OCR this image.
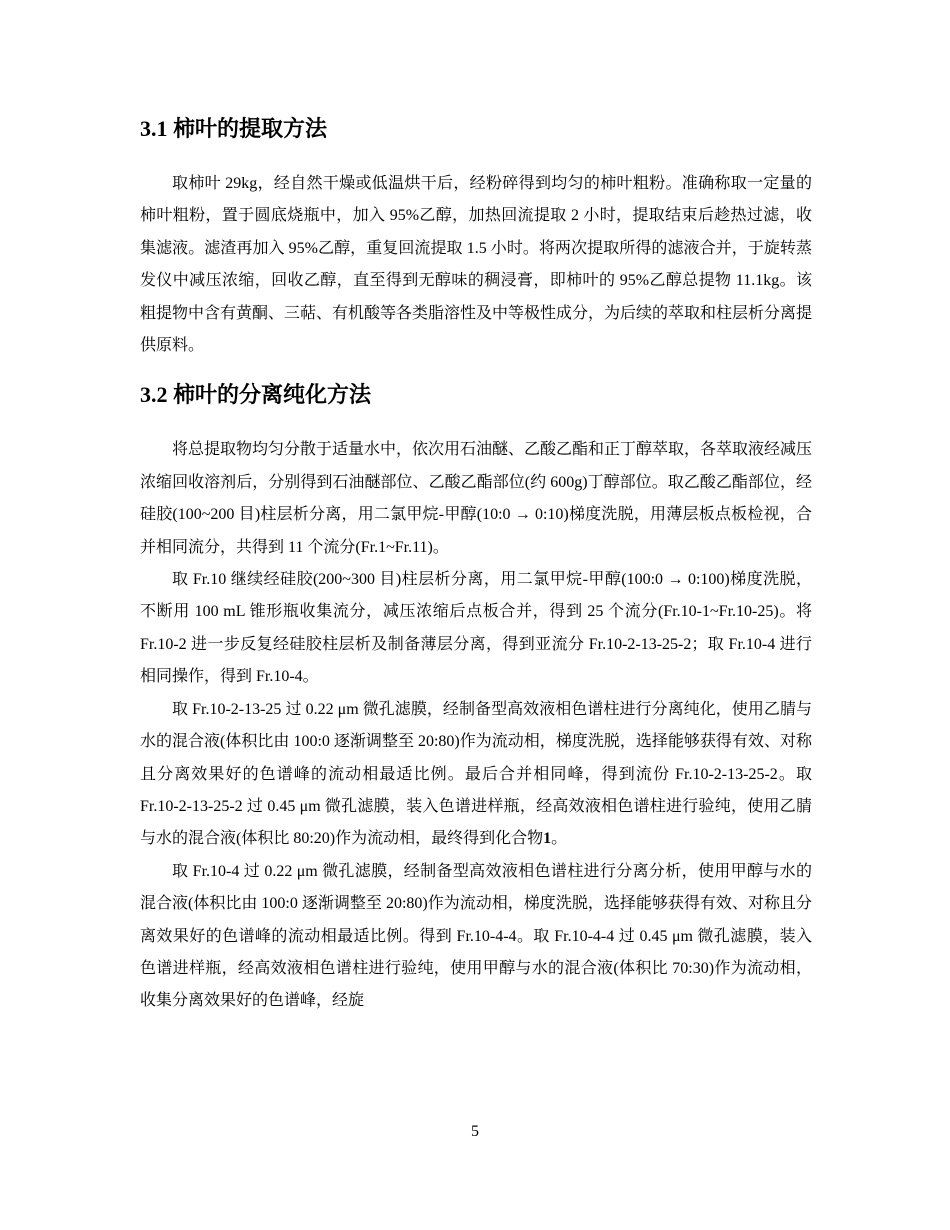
3.1 柿叶的提取方法

取柿叶 29kg，经自然干燥或低温烘干后，经粉碎得到均匀的柿叶粗粉。准确称取一定量的柿叶粗粉，置于圆底烧瓶中，加入 95%乙醇，加热回流提取 2 小时，提取结束后趁热过滤，收集滤液。滤渣再加入 95%乙醇，重复回流提取 1.5 小时。将两次提取所得的滤液合并，于旋转蒸发仪中减压浓缩，回收乙醇，直至得到无醇味的稠浸膏，即柿叶的 95%乙醇总提物 11.1kg。该粗提物中含有黄酮、三萜、有机酸等各类脂溶性及中等极性成分，为后续的萃取和柱层析分离提供原料。

3.2 柿叶的分离纯化方法

将总提取物均匀分散于适量水中，依次用石油醚、乙酸乙酯和正丁醇萃取，各萃取液经减压浓缩回收溶剂后，分别得到石油醚部位、乙酸乙酯部位(约 600g)丁醇部位。取乙酸乙酯部位，经硅胶(100~200 目)柱层析分离，用二氯甲烷-甲醇(10:0 → 0:10)梯度洗脱，用薄层板点板检视，合并相同流分，共得到 11 个流分(Fr.1~Fr.11)。

取 Fr.10 继续经硅胶(200~300 目)柱层析分离，用二氯甲烷-甲醇(100:0 → 0:100)梯度洗脱，不断用 100 mL 锥形瓶收集流分，减压浓缩后点板合并，得到 25 个流分(Fr.10-1~Fr.10-25)。将 Fr.10-2 进一步反复经硅胶柱层析及制备薄层分离，得到亚流分 Fr.10-2-13-25-2；取 Fr.10-4 进行相同操作，得到 Fr.10-4。

取 Fr.10-2-13-25 过 0.22 μm 微孔滤膜，经制备型高效液相色谱柱进行分离纯化，使用乙腈与水的混合液(体积比由 100:0 逐渐调整至 20:80)作为流动相，梯度洗脱，选择能够获得有效、对称且分离效果好的色谱峰的流动相最适比例。最后合并相同峰，得到流份 Fr.10-2-13-25-2。取 Fr.10-2-13-25-2 过 0.45 μm 微孔滤膜，装入色谱进样瓶，经高效液相色谱柱进行验纯，使用乙腈与水的混合液(体积比 80:20)作为流动相，最终得到化合物1。

取 Fr.10-4 过 0.22 μm 微孔滤膜，经制备型高效液相色谱柱进行分离分析，使用甲醇与水的混合液(体积比由 100:0 逐渐调整至 20:80)作为流动相，梯度洗脱，选择能够获得有效、对称且分离效果好的色谱峰的流动相最适比例。得到 Fr.10-4-4。取 Fr.10-4-4 过 0.45 μm 微孔滤膜，装入色谱进样瓶，经高效液相色谱柱进行验纯，使用甲醇与水的混合液(体积比 70:30)作为流动相，收集分离效果好的色谱峰，经旋

5
